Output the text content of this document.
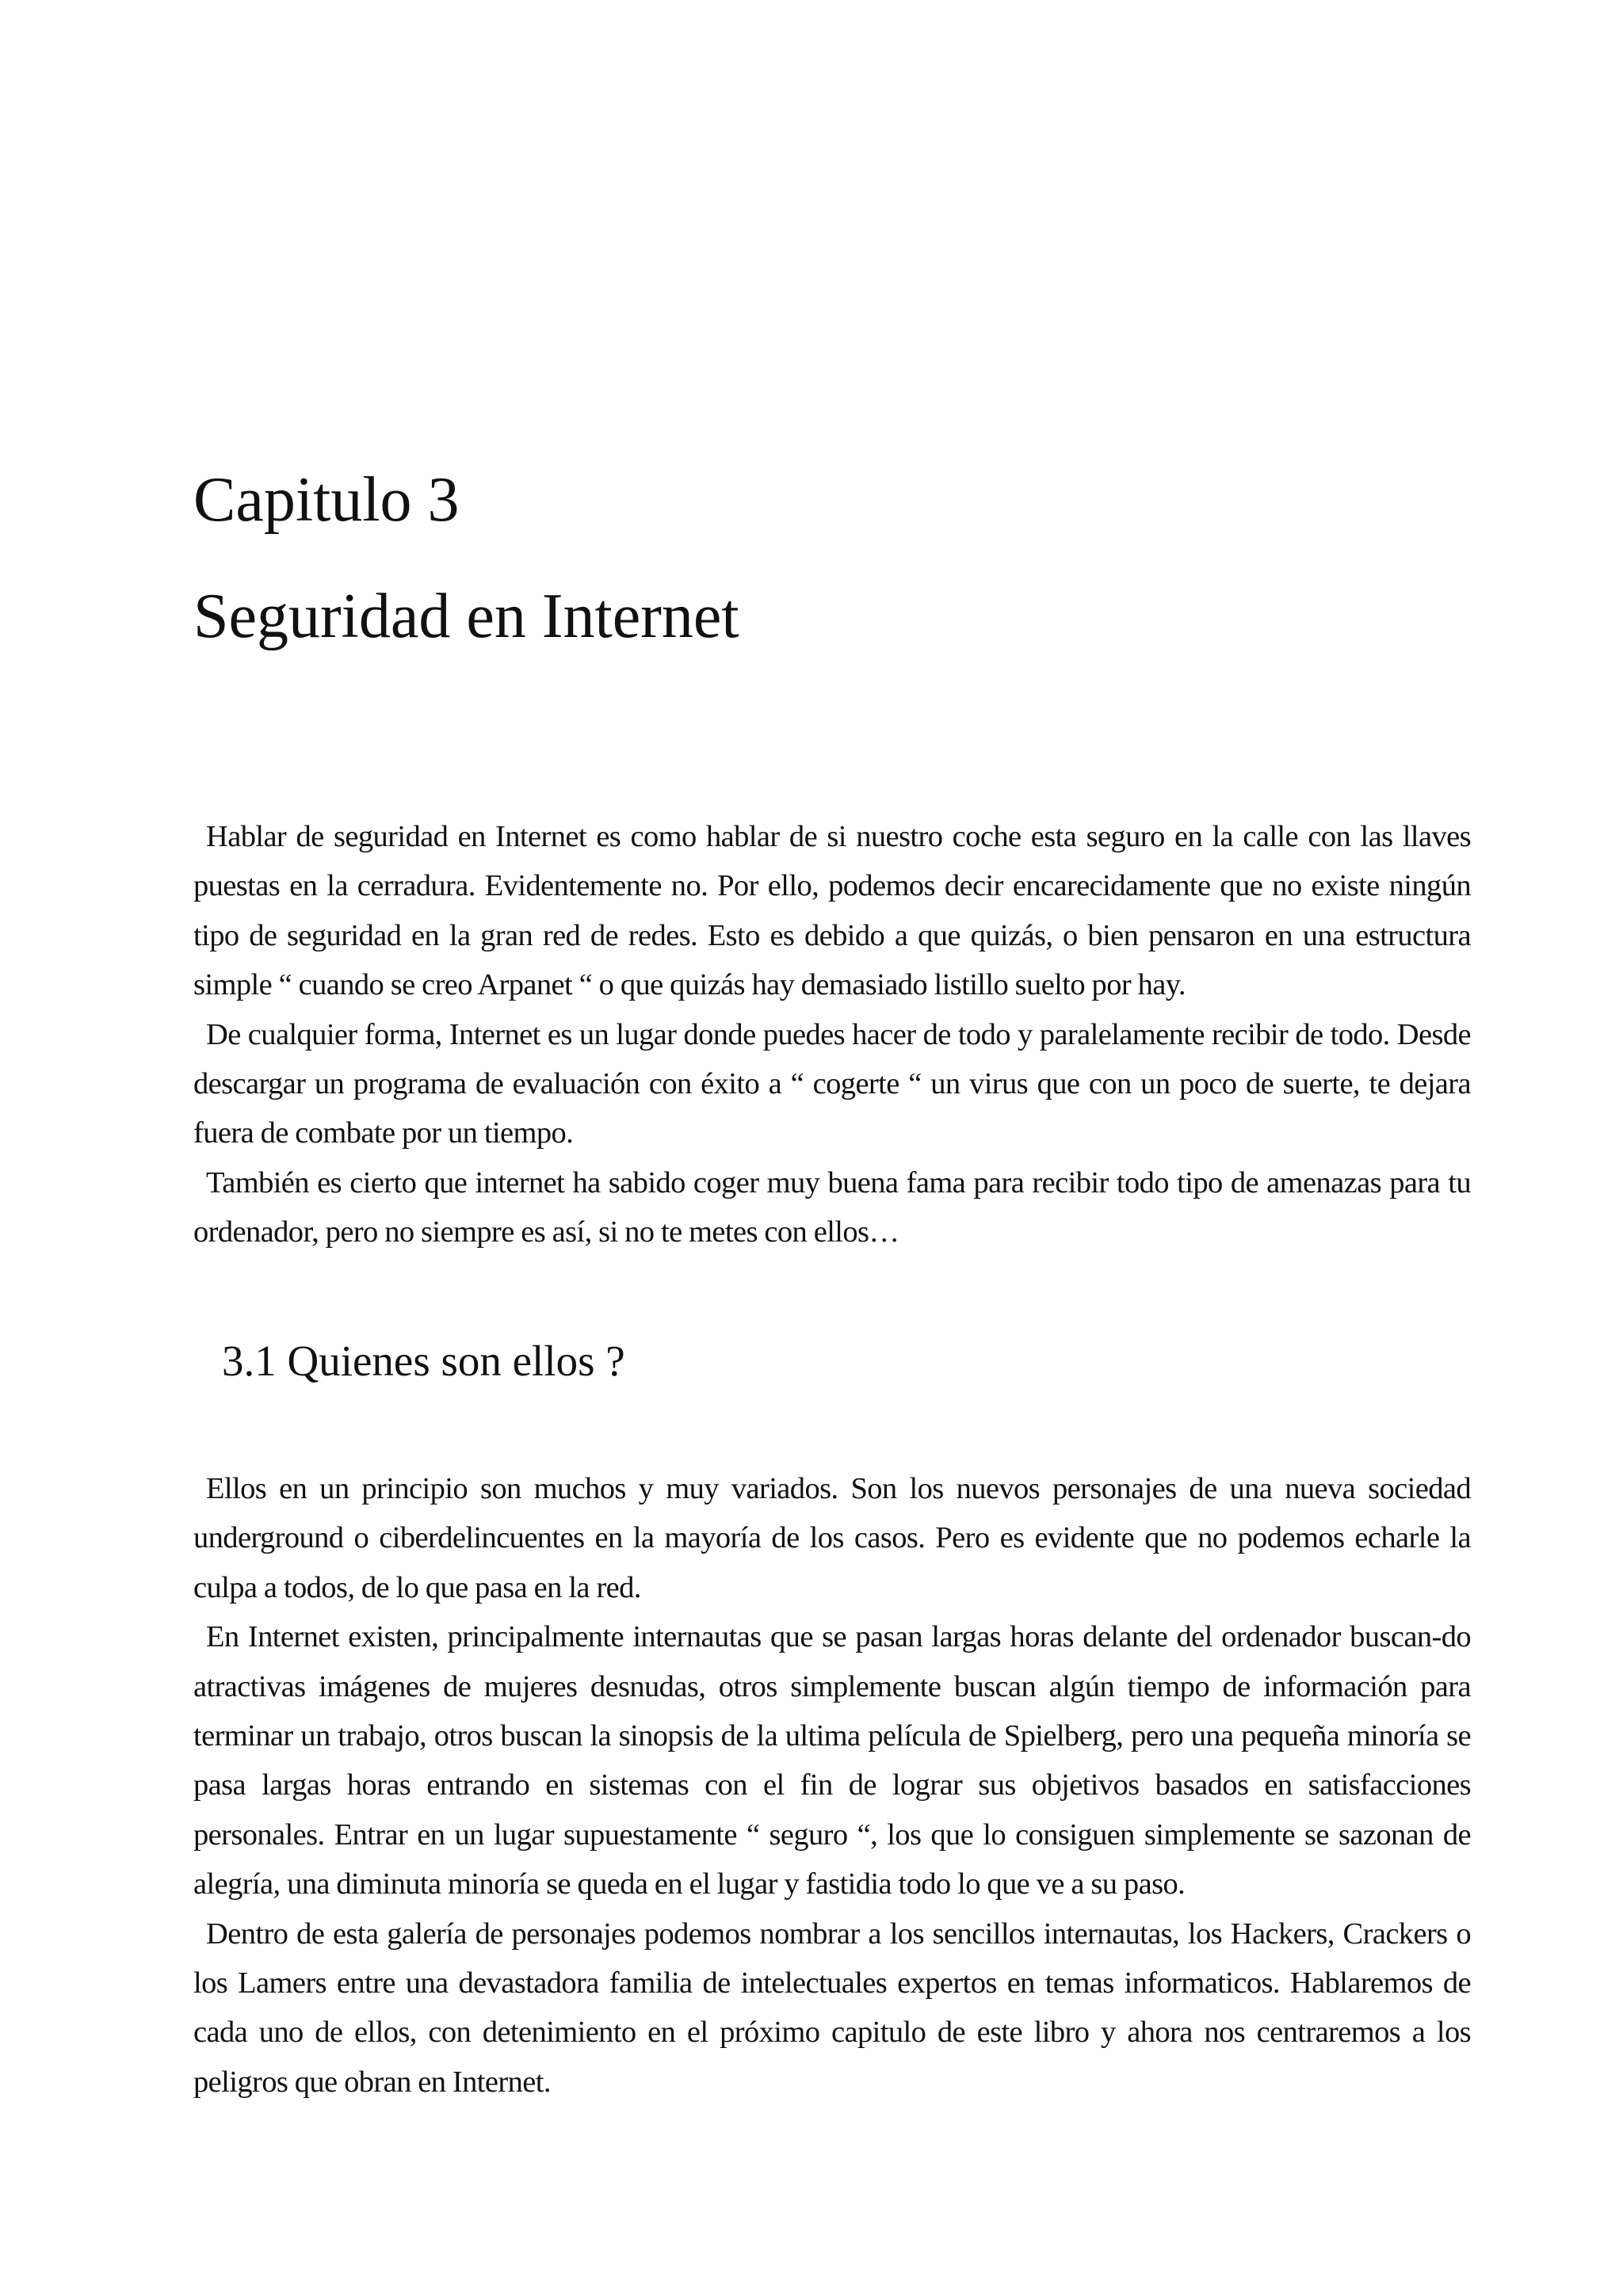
Capitulo 3
Seguridad en Internet

Hablar de seguridad en Internet es como hablar de si nuestro coche esta seguro en la calle con las llaves puestas en la cerradura. Evidentemente no. Por ello, podemos decir encarecidamente que no existe ningún tipo de seguridad en la gran red de redes. Esto es debido a que quizás, o bien pensaron en una estructura simple “ cuando se creo Arpanet “ o que quizás hay demasiado listillo suelto por hay.

De cualquier forma, Internet es un lugar donde puedes hacer de todo y paralelamente recibir de todo. Desde descargar un programa de evaluación con éxito a “ cogerte “ un virus que con un poco de suerte, te dejara fuera de combate por un tiempo.

También es cierto que internet ha sabido coger muy buena fama para recibir todo tipo de amenazas para tu ordenador, pero no siempre es así, si no te metes con ellos…

3.1 Quienes son ellos ?

Ellos en un principio son muchos y muy variados. Son los nuevos personajes de una nueva sociedad underground o ciberdelincuentes en la mayoría de los casos. Pero es evidente que no podemos echarle la culpa a todos, de lo que pasa en la red.

En Internet existen, principalmente internautas que se pasan largas horas delante del ordenador buscan-do atractivas imágenes de mujeres desnudas, otros simplemente buscan algún tiempo de información para terminar un trabajo, otros buscan la sinopsis de la ultima película de Spielberg, pero una pequeña minoría se pasa largas horas entrando en sistemas con el fin de lograr sus objetivos basados en satisfacciones personales. Entrar en un lugar supuestamente “ seguro “, los que lo consiguen simplemente se sazonan de alegría, una diminuta minoría se queda en el lugar y fastidia todo lo que ve a su paso.

Dentro de esta galería de personajes podemos nombrar a los sencillos internautas, los Hackers, Crackers o los Lamers entre una devastadora familia de intelectuales expertos en temas informaticos. Hablaremos de cada uno de ellos, con detenimiento en el próximo capitulo de este libro y ahora nos centraremos a los peligros que obran en Internet.
